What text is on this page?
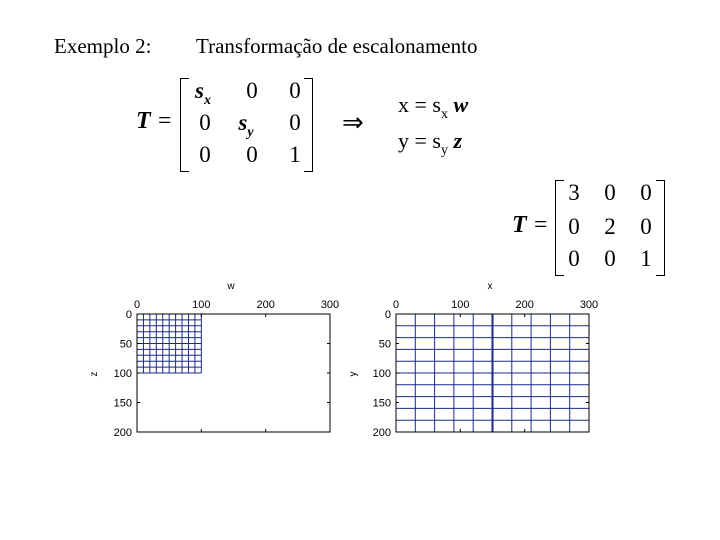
Exemplo 2: Transformação de escalonamento
T =
$s_x$	0	0
0	$s_y$	0
0	0	1
⇒
$x = s_x$ w
$y = s_y$ z
T =
3	0	0
0	2	0
0	0	1
w
z
0	100	200	300
0
50
100
150
200
x
y
0	100	200	300
0
50
100
150
200
